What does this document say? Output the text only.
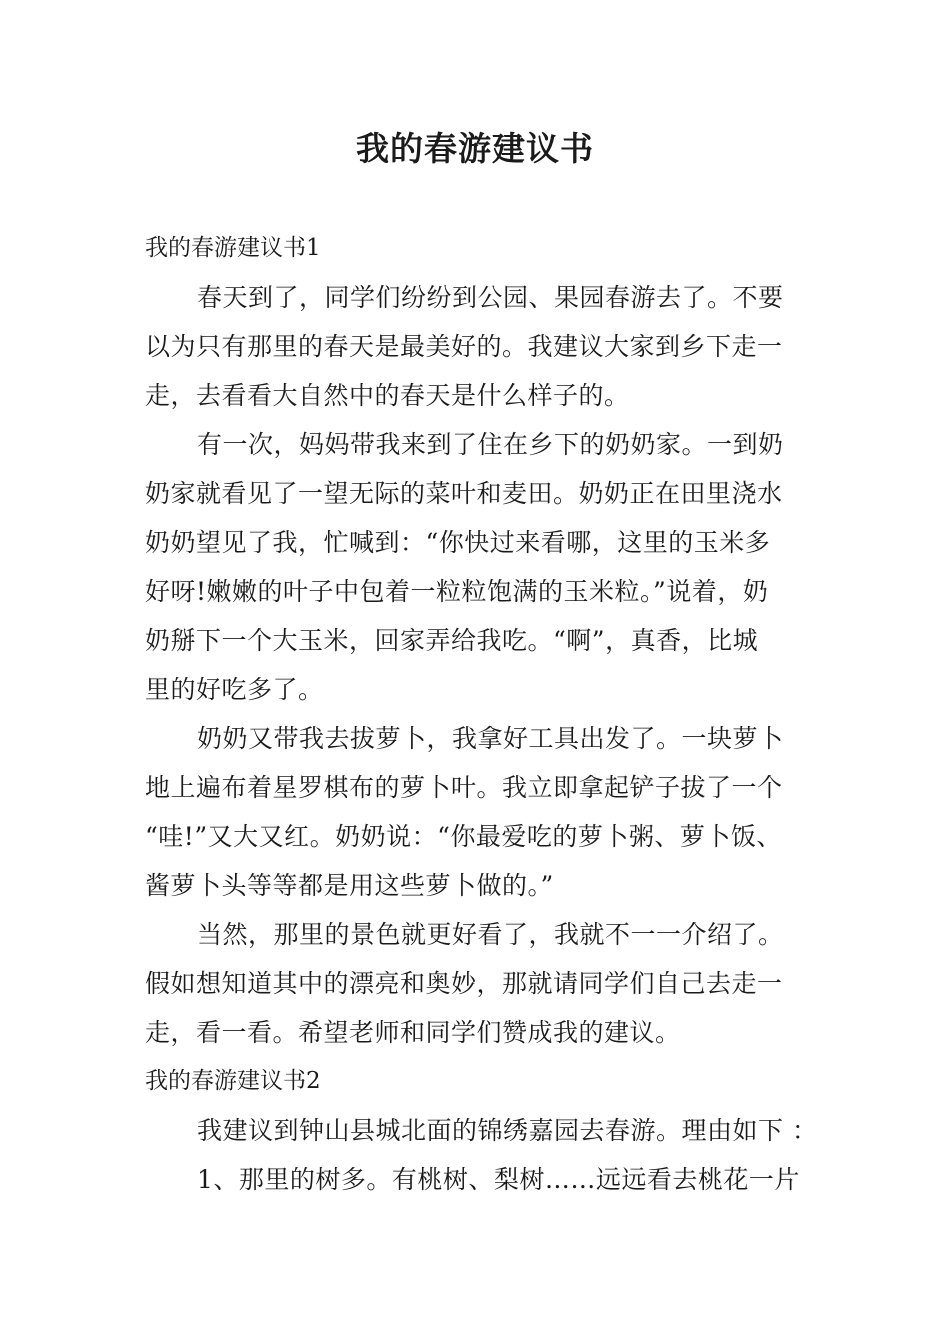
我的春游建议书
我的春游建议书1

春天到了，同学们纷纷到公园、果园春游去了。不要
以为只有那里的春天是最美好的。我建议大家到乡下走一
走，去看看大自然中的春天是什么样子的。

有一次，妈妈带我来到了住在乡下的奶奶家。一到奶
奶家就看见了一望无际的菜叶和麦田。奶奶正在田里浇水
奶奶望见了我，忙喊到：“你快过来看哪，这里的玉米多
好呀!嫩嫩的叶子中包着一粒粒饱满的玉米粒。”说着，奶
奶掰下一个大玉米，回家弄给我吃。“啊”，真香，比城
里的好吃多了。

奶奶又带我去拔萝卜，我拿好工具出发了。一块萝卜
地上遍布着星罗棋布的萝卜叶。我立即拿起铲子拔了一个
“哇!”又大又红。奶奶说：“你最爱吃的萝卜粥、萝卜饭、
酱萝卜头等等都是用这些萝卜做的。”

当然，那里的景色就更好看了，我就不一一介绍了。
假如想知道其中的漂亮和奥妙，那就请同学们自己去走一
走，看一看。希望老师和同学们赞成我的建议。

我的春游建议书2

我建议到钟山县城北面的锦绣嘉园去春游。理由如下 ：

1、那里的树多。有桃树、梨树……远远看去桃花一片
